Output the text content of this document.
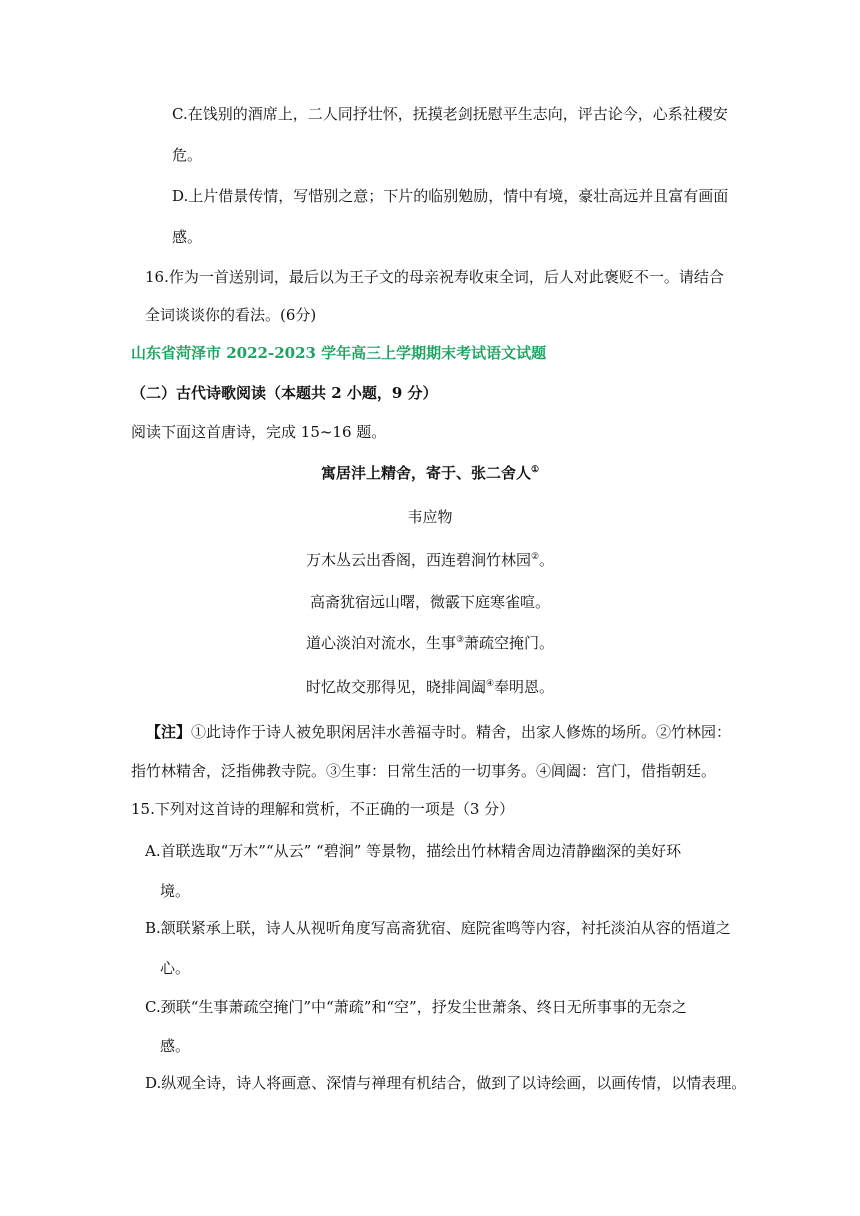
C.在饯别的酒席上，二人同抒壮怀，抚摸老剑抚慰平生志向，评古论今，心系社稷安
危。
D.上片借景传情，写惜别之意；下片的临别勉励，情中有境，豪壮高远并且富有画面
感。
16.作为一首送别词，最后以为王子文的母亲祝寿收束全词，后人对此褒贬不一。请结合
全词谈谈你的看法。(6分)
山东省菏泽市 2022-2023 学年高三上学期期末考试语文试题
（二）古代诗歌阅读（本题共 2 小题，9 分）
阅读下面这首唐诗，完成 15~16 题。
寓居沣上精舍，寄于、张二舍人①
韦应物
万木丛云出香阁，西连碧涧竹林园②。
高斋犹宿远山曙，微霰下庭寒雀喧。
道心淡泊对流水，生事③萧疏空掩门。
时忆故交那得见，晓排阊阖④奉明恩。
【注】①此诗作于诗人被免职闲居沣水善福寺时。精舍，出家人修炼的场所。②竹林园：
指竹林精舍，泛指佛教寺院。③生事：日常生活的一切事务。④阊阖：宫门，借指朝廷。
15.下列对这首诗的理解和赏析，不正确的一项是（3 分）
A.首联选取“万木”“从云” “碧涧” 等景物，描绘出竹林精舍周边清静幽深的美好环
境。
B.颔联紧承上联，诗人从视听角度写高斋犹宿、庭院雀鸣等内容，衬托淡泊从容的悟道之
心。
C.颈联“生事萧疏空掩门”中“萧疏”和“空”，抒发尘世萧条、终日无所事事的无奈之
感。
D.纵观全诗，诗人将画意、深情与禅理有机结合，做到了以诗绘画，以画传情，以情表理。
